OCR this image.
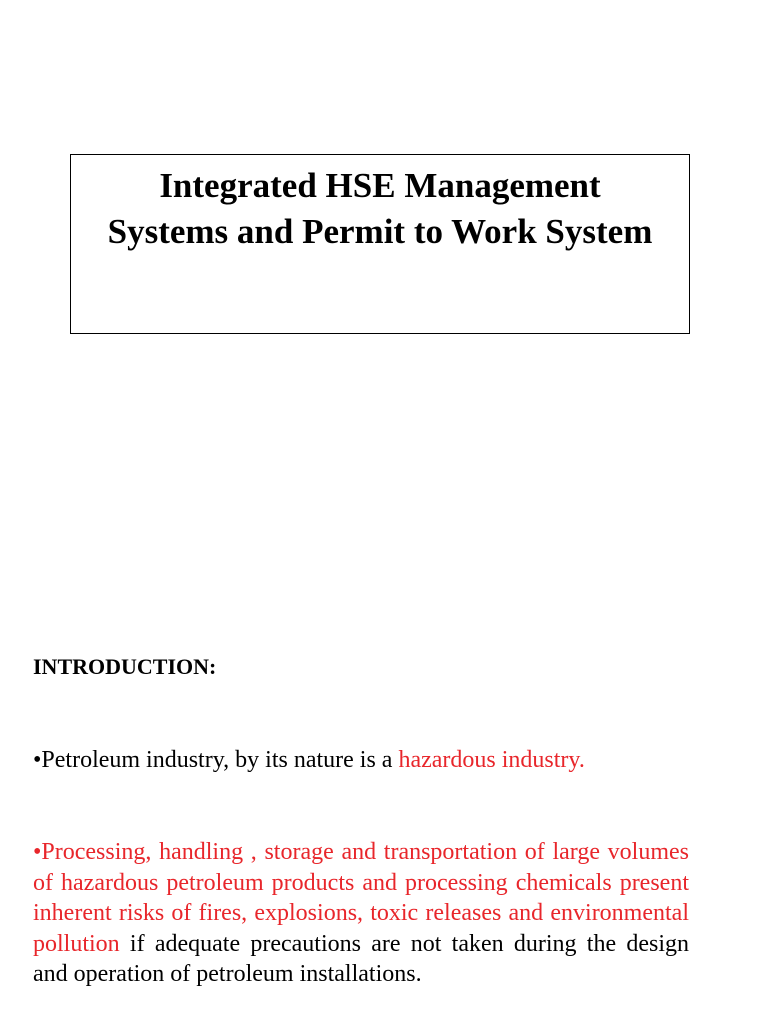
Integrated HSE Management
Systems and Permit to Work System
INTRODUCTION:

•Petroleum industry, by its nature is a hazardous industry.

•Processing, handling , storage and transportation of large volumes of hazardous petroleum products and processing chemicals present inherent risks of fires, explosions, toxic releases and environmental pollution if adequate precautions are not taken during the design and operation of petroleum installations.
